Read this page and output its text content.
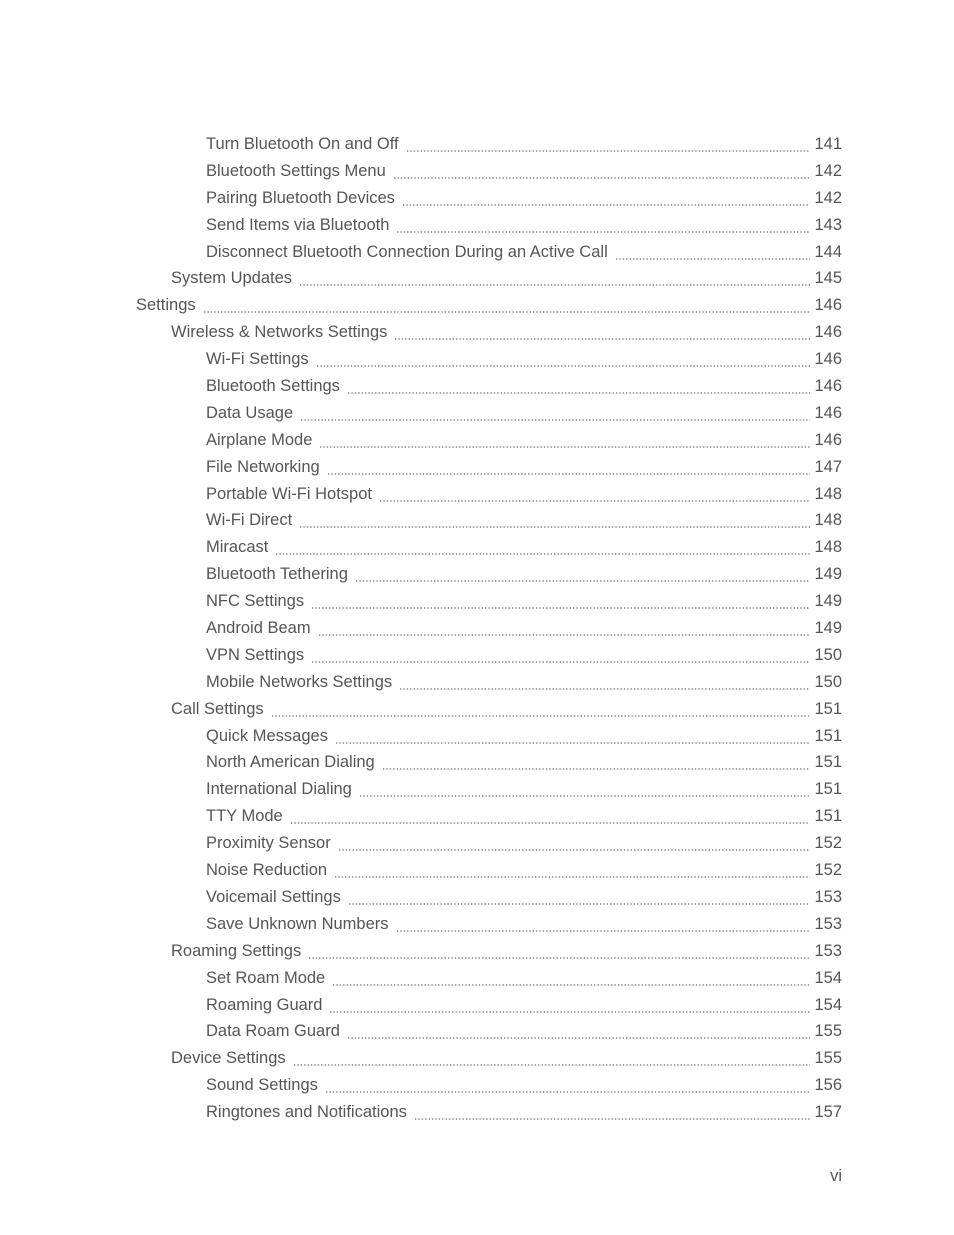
Turn Bluetooth On and Off	141
Bluetooth Settings Menu	142
Pairing Bluetooth Devices	142
Send Items via Bluetooth	143
Disconnect Bluetooth Connection During an Active Call	144
System Updates	145
Settings	146
Wireless & Networks Settings	146
Wi-Fi Settings	146
Bluetooth Settings	146
Data Usage	146
Airplane Mode	146
File Networking	147
Portable Wi-Fi Hotspot	148
Wi-Fi Direct	148
Miracast	148
Bluetooth Tethering	149
NFC Settings	149
Android Beam	149
VPN Settings	150
Mobile Networks Settings	150
Call Settings	151
Quick Messages	151
North American Dialing	151
International Dialing	151
TTY Mode	151
Proximity Sensor	152
Noise Reduction	152
Voicemail Settings	153
Save Unknown Numbers	153
Roaming Settings	153
Set Roam Mode	154
Roaming Guard	154
Data Roam Guard	155
Device Settings	155
Sound Settings	156
Ringtones and Notifications	157
vi
